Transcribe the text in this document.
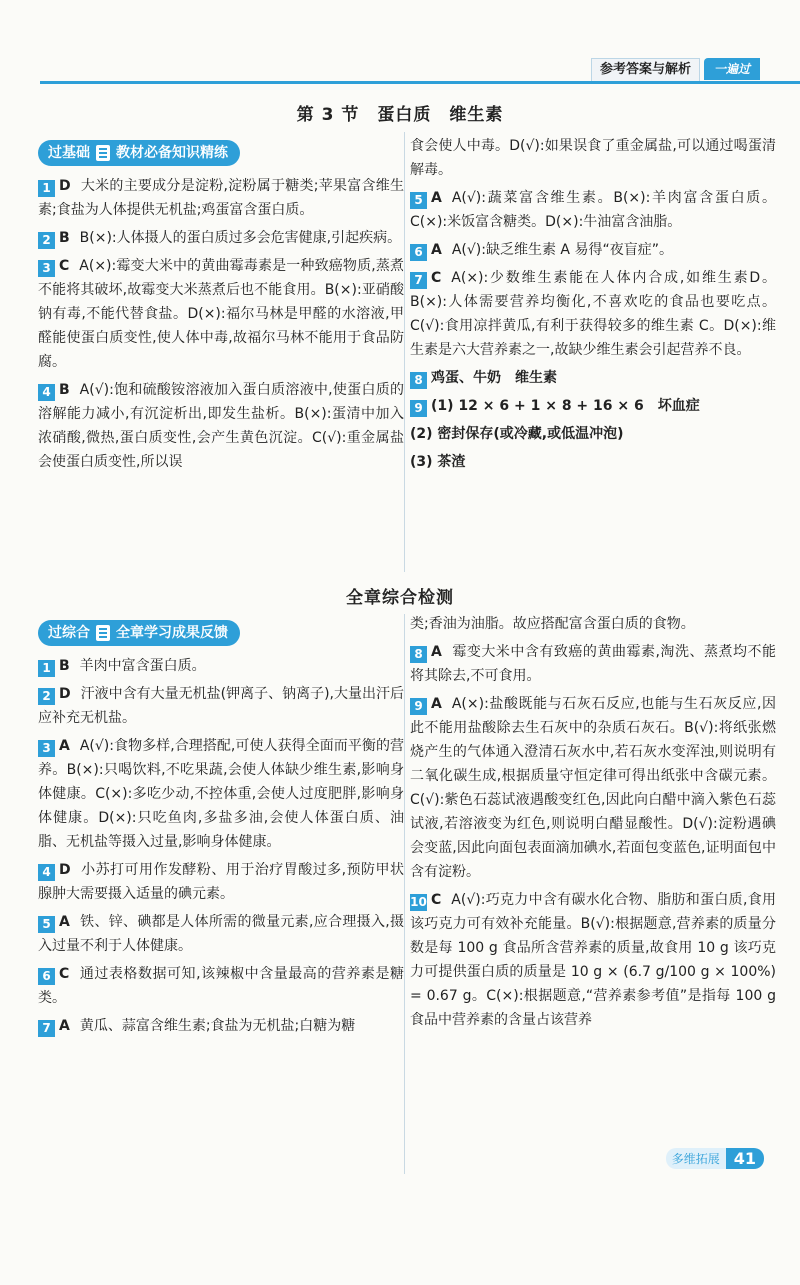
参考答案与解析	一遍过
第 3 节　蛋白质　维生素
过基础 教材必备知识精练
1 D 大米的主要成分是淀粉,淀粉属于糖类;苹果富含维生素;食盐为人体提供无机盐;鸡蛋富含蛋白质。
2 B B(×):人体摄人的蛋白质过多会危害健康,引起疾病。
3 C A(×):霉变大米中的黄曲霉毒素是一种致癌物质,蒸煮不能将其破坏,故霉变大米蒸煮后也不能食用。B(×):亚硝酸钠有毒,不能代替食盐。D(×):福尔马林是甲醛的水溶液,甲醛能使蛋白质变性,使人体中毒,故福尔马林不能用于食品防腐。
4 B A(√):饱和硫酸铵溶液加入蛋白质溶液中,使蛋白质的溶解能力减小,有沉淀析出,即发生盐析。B(×):蛋清中加入浓硝酸,微热,蛋白质变性,会产生黄色沉淀。C(√):重金属盐会使蛋白质变性,所以误
食会使人中毒。D(√):如果误食了重金属盐,可以通过喝蛋清解毒。
5 A A(√):蔬菜富含维生素。B(×):羊肉富含蛋白质。C(×):米饭富含糖类。D(×):牛油富含油脂。
6 A A(√):缺乏维生素 A 易得“夜盲症”。
7 C A(×):少数维生素能在人体内合成,如维生素D。B(×):人体需要营养均衡化,不喜欢吃的食品也要吃点。C(√):食用凉拌黄瓜,有利于获得较多的维生素 C。D(×):维生素是六大营养素之一,故缺少维生素会引起营养不良。
8 鸡蛋、牛奶　维生素
9 (1) 12 × 6 + 1 × 8 + 16 × 6　坏血症
(2) 密封保存(或冷藏,或低温冲泡)
(3) 茶渣
全章综合检测
过综合 全章学习成果反馈
1 B 羊肉中富含蛋白质。
2 D 汗液中含有大量无机盐(钾离子、钠离子),大量出汗后应补充无机盐。
3 A A(√):食物多样,合理搭配,可使人获得全面而平衡的营养。B(×):只喝饮料,不吃果蔬,会使人体缺少维生素,影响身体健康。C(×):多吃少动,不控体重,会使人过度肥胖,影响身体健康。D(×):只吃鱼肉,多盐多油,会使人体蛋白质、油脂、无机盐等摄入过量,影响身体健康。
4 D 小苏打可用作发酵粉、用于治疗胃酸过多,预防甲状腺肿大需要摄入适量的碘元素。
5 A 铁、锌、碘都是人体所需的微量元素,应合理摄入,摄入过量不利于人体健康。
6 C 通过表格数据可知,该辣椒中含量最高的营养素是糖类。
7 A 黄瓜、蒜富含维生素;食盐为无机盐;白糖为糖
类;香油为油脂。故应搭配富含蛋白质的食物。
8 A 霉变大米中含有致癌的黄曲霉素,淘洗、蒸煮均不能将其除去,不可食用。
9 A A(×):盐酸既能与石灰石反应,也能与生石灰反应,因此不能用盐酸除去生石灰中的杂质石灰石。B(√):将纸张燃烧产生的气体通入澄清石灰水中,若石灰水变浑浊,则说明有二氧化碳生成,根据质量守恒定律可得出纸张中含碳元素。C(√):紫色石蕊试液遇酸变红色,因此向白醋中滴入紫色石蕊试液,若溶液变为红色,则说明白醋显酸性。D(√):淀粉遇碘会变蓝,因此向面包表面滴加碘水,若面包变蓝色,证明面包中含有淀粉。
10 C A(√):巧克力中含有碳水化合物、脂肪和蛋白质,食用该巧克力可有效补充能量。B(√):根据题意,营养素的质量分数是每 100 g 食品所含营养素的质量,故食用 10 g 该巧克力可提供蛋白质的质量是 10 g × (6.7 g/100 g × 100%) = 0.67 g。C(×):根据题意,“营养素参考值”是指每 100 g 食品中营养素的含量占该营养
多维拓展 41
